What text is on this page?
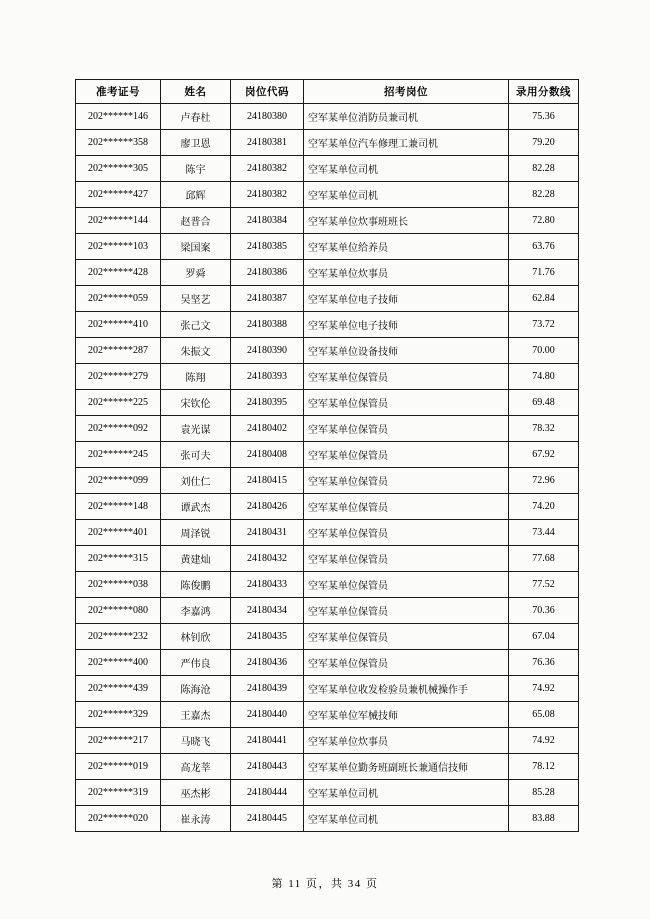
准考证号	姓名	岗位代码	招考岗位	录用分数线
202******146	卢春杜	24180380	空军某单位消防员兼司机	75.36
202******358	廖卫恩	24180381	空军某单位汽车修理工兼司机	79.20
202******305	陈宇	24180382	空军某单位司机	82.28
202******427	邱辉	24180382	空军某单位司机	82.28
202******144	赵普合	24180384	空军某单位炊事班班长	72.80
202******103	梁国案	24180385	空军某单位给养员	63.76
202******428	罗舜	24180386	空军某单位炊事员	71.76
202******059	吴坚艺	24180387	空军某单位电子技师	62.84
202******410	张己文	24180388	空军某单位电子技师	73.72
202******287	朱振文	24180390	空军某单位设备技师	70.00
202******279	陈翔	24180393	空军某单位保管员	74.80
202******225	宋钦伦	24180395	空军某单位保管员	69.48
202******092	袁光谋	24180402	空军某单位保管员	78.32
202******245	张可夫	24180408	空军某单位保管员	67.92
202******099	刘仕仁	24180415	空军某单位保管员	72.96
202******148	谭武杰	24180426	空军某单位保管员	74.20
202******401	周泽锐	24180431	空军某单位保管员	73.44
202******315	黄建灿	24180432	空军某单位保管员	77.68
202******038	陈俊鹏	24180433	空军某单位保管员	77.52
202******080	李嘉鸿	24180434	空军某单位保管员	70.36
202******232	林钊欣	24180435	空军某单位保管员	67.04
202******400	严伟良	24180436	空军某单位保管员	76.36
202******439	陈海沧	24180439	空军某单位收发检验员兼机械操作手	74.92
202******329	王嘉杰	24180440	空军某单位军械技师	65.08
202******217	马晓飞	24180441	空军某单位炊事员	74.92
202******019	高龙莘	24180443	空军某单位勤务班副班长兼通信技师	78.12
202******319	巫杰彬	24180444	空军某单位司机	85.28
202******020	崔永涛	24180445	空军某单位司机	83.88
第 11 页，共 34 页
